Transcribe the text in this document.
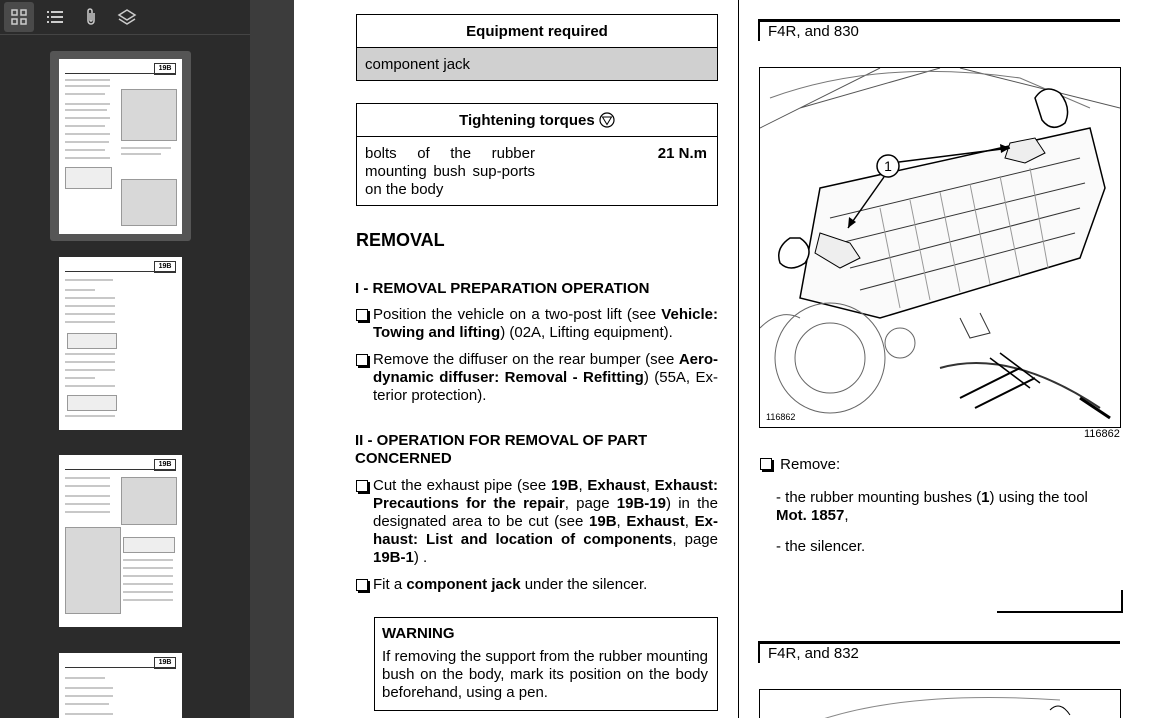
19B
19B
19B
19B
Equipment required
component jack
Tightening torques
bolts of the rubber mounting bush sup-ports on the body	21 N.m
REMOVAL
I - REMOVAL PREPARATION OPERATION
Position the vehicle on a two-post lift (see Vehicle: Towing and lifting) (02A, Lifting equipment).
Remove the diffuser on the rear bumper (see Aero-dynamic diffuser: Removal - Refitting) (55A, Ex-terior protection).
II - OPERATION FOR REMOVAL OF PART
CONCERNED
Cut the exhaust pipe (see 19B, Exhaust, Exhaust: Precautions for the repair, page 19B-19) in the designated area to be cut (see 19B, Exhaust, Ex-haust: List and location of components, page 19B-1) .
Fit a component jack under the silencer.
WARNING
If removing the support from the rubber mounting bush on the body, mark its position on the body beforehand, using a pen.
F4R, and 830
1
116862
116862
Remove:
- the rubber mounting bushes (1) using the tool Mot. 1857,
- the silencer.
F4R, and 832
